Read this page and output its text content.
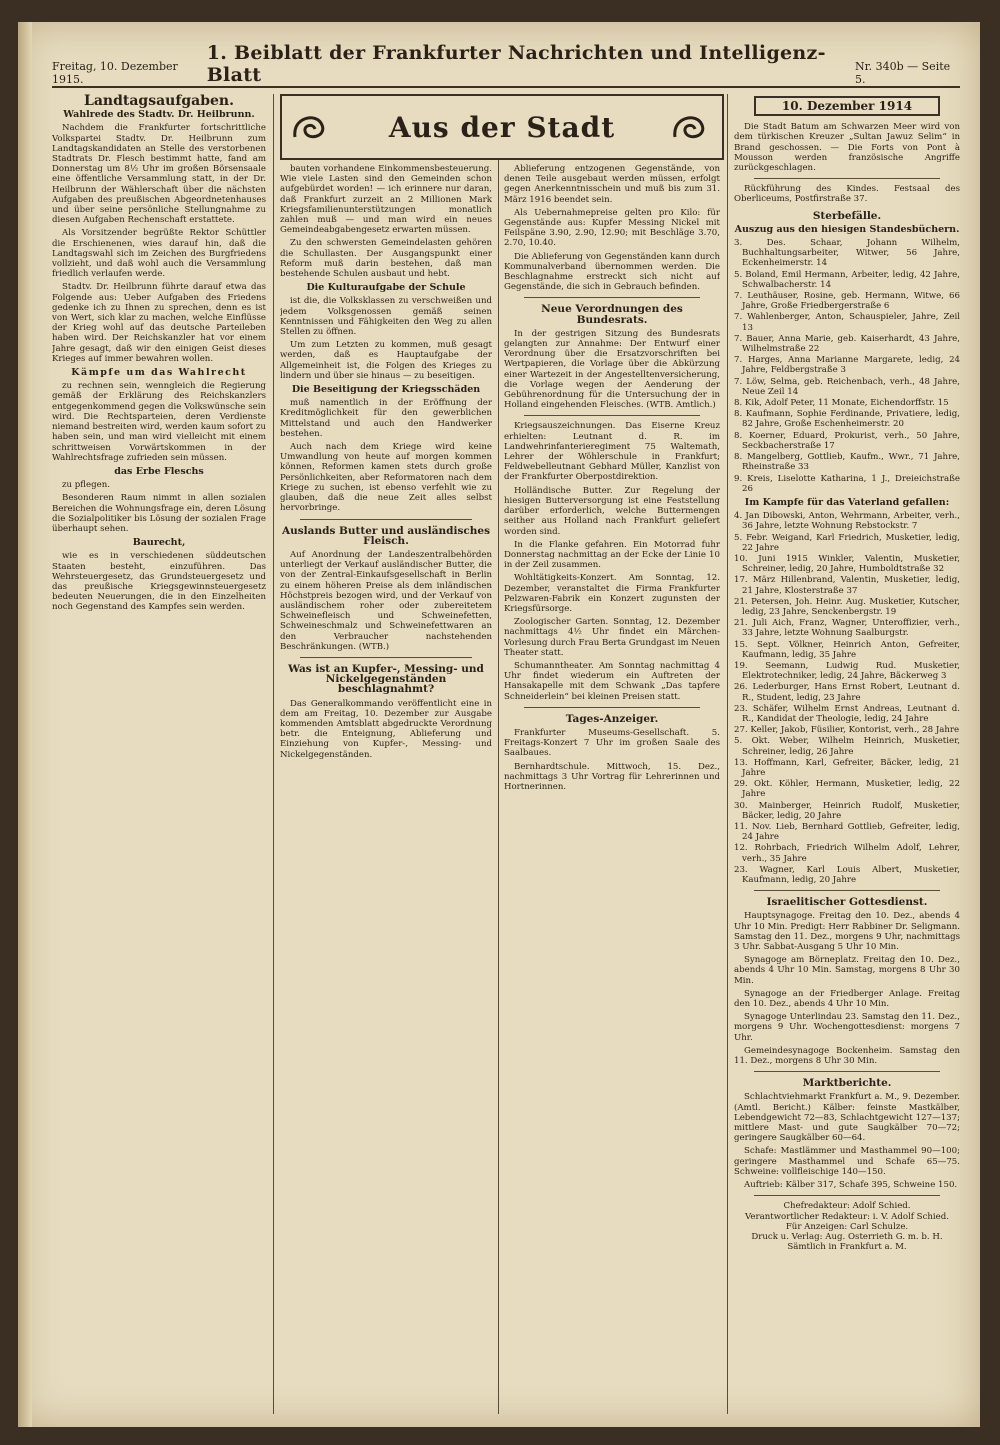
Freitag, 10. Dezember 1915.
1. Beiblatt der Frankfurter Nachrichten und Intelligenz-Blatt	Nr. 340b — Seite 5.
Landtagsaufgaben.
Wahlrede des Stadtv. Dr. Heilbrunn.

Nachdem die Frankfurter fortschrittliche Volkspartei Stadtv. Dr. Heilbrunn zum Landtagskandidaten an Stelle des verstorbenen Stadtrats Dr. Flesch bestimmt hatte, fand am Donnerstag um 8½ Uhr im großen Börsensaale eine öffentliche Versammlung statt, in der Dr. Heilbrunn der Wählerschaft über die nächsten Aufgaben des preußischen Abgeordnetenhauses und über seine persönliche Stellungnahme zu diesen Aufgaben Rechenschaft erstattete.

Als Vorsitzender begrüßte Rektor Schüttler die Erschienenen, wies darauf hin, daß die Landtagswahl sich im Zeichen des Burgfriedens vollzieht, und daß wohl auch die Versammlung friedlich verlaufen werde.

Stadtv. Dr. Heilbrunn führte darauf etwa das Folgende aus: Ueber Aufgaben des Friedens gedenke ich zu Ihnen zu sprechen, denn es ist von Wert, sich klar zu machen, welche Einflüsse der Krieg wohl auf das deutsche Parteileben haben wird. Der Reichskanzler hat vor einem Jahre gesagt, daß wir den einigen Geist dieses Krieges auf immer bewahren wollen.

Kämpfe um das Wahlrecht

zu rechnen sein, wenngleich die Regierung gemäß der Erklärung des Reichskanzlers entgegenkommend gegen die Volkswünsche sein wird. Die Rechtsparteien, deren Verdienste niemand bestreiten wird, werden kaum sofort zu haben sein, und man wird vielleicht mit einem schrittweisen Vorwärtskommen in der Wahlrechtsfrage zufrieden sein müssen.

das Erbe Fleschs

zu pflegen.

Besonderen Raum nimmt in allen sozialen Bereichen die Wohnungsfrage ein, deren Lösung die Sozialpolitiker bis Lösung der sozialen Frage überhaupt sehen.

Baurecht,

wie es in verschiedenen süddeutschen Staaten besteht, einzuführen. Das Wehrsteuergesetz, das Grundsteuergesetz und das preußische Kriegsgewinnsteuergesetz bedeuten Neuerungen, die in den Einzelheiten noch Gegenstand des Kampfes sein werden.

Aus der Stadt

bauten vorhandene Einkommensbesteuerung. Wie viele Lasten sind den Gemeinden schon aufgebürdet worden! — ich erinnere nur daran, daß Frankfurt zurzeit an 2 Millionen Mark Kriegsfamilienunterstützungen monatlich zahlen muß — und man wird ein neues Gemeindeabgabengesetz erwarten müssen.

Zu den schwersten Gemeindelasten gehören die Schullasten. Der Ausgangspunkt einer Reform muß darin bestehen, daß man bestehende Schulen ausbaut und hebt.

Die Kulturaufgabe der Schule

ist die, die Volksklassen zu verschweißen und jedem Volksgenossen gemäß seinen Kenntnissen und Fähigkeiten den Weg zu allen Stellen zu öffnen.

Um zum Letzten zu kommen, muß gesagt werden, daß es Hauptaufgabe der Allgemeinheit ist, die Folgen des Krieges zu lindern und über sie hinaus — zu beseitigen.

Die Beseitigung der Kriegsschäden

muß namentlich in der Eröffnung der Kreditmöglichkeit für den gewerblichen Mittelstand und auch den Handwerker bestehen.

Auch nach dem Kriege wird keine Umwandlung von heute auf morgen kommen können, Reformen kamen stets durch große Persönlichkeiten, aber Reformatoren nach dem Kriege zu suchen, ist ebenso verfehlt wie zu glauben, daß die neue Zeit alles selbst hervorbringe.

Auslands Butter und ausländisches Fleisch.

Auf Anordnung der Landeszentralbehörden unterliegt der Verkauf ausländischer Butter, die von der Zentral-Einkaufsgesellschaft in Berlin zu einem höheren Preise als dem inländischen Höchstpreis bezogen wird, und der Verkauf von ausländischem roher oder zubereitetem Schweinefleisch und Schweinefetten, Schweineschmalz und Schweinefettwaren an den Verbraucher nachstehenden Beschränkungen. (WTB.)

Was ist an Kupfer-, Messing- und Nickelgegenständen beschlagnahmt?

Das Generalkommando veröffentlicht eine in dem am Freitag, 10. Dezember zur Ausgabe kommenden Amtsblatt abgedruckte Verordnung betr. die Enteignung, Ablieferung und Einziehung von Kupfer-, Messing- und Nickelgegenständen.

Ablieferung entzogenen Gegenstände, von denen Teile ausgebaut werden müssen, erfolgt gegen Anerkenntnisschein und muß bis zum 31. März 1916 beendet sein.

Als Uebernahmepreise gelten pro Kilo: für Gegenstände aus: Kupfer Messing Nickel mit Feilspäne 3.90, 2.90, 12.90; mit Beschläge 3.70, 2.70, 10.40.

Die Ablieferung von Gegenständen kann durch Kommunalverband übernommen werden. Die Beschlagnahme erstreckt sich nicht auf Gegenstände, die sich in Gebrauch befinden.

Neue Verordnungen des Bundesrats.

In der gestrigen Sitzung des Bundesrats gelangten zur Annahme: Der Entwurf einer Verordnung über die Ersatzvorschriften bei Wertpapieren, die Vorlage über die Abkürzung einer Wartezeit in der Angestelltenversicherung, die Vorlage wegen der Aenderung der Gebührenordnung für die Untersuchung der in Holland eingehenden Fleisches. (WTB. Amtlich.)

Kriegsauszeichnungen. Das Eiserne Kreuz erhielten: Leutnant d. R. im Landwehrinfanterieregiment 75 Waltemath, Lehrer der Wöhlerschule in Frankfurt; Feldwebelleutnant Gebhard Müller, Kanzlist von der Frankfurter Oberpostdirektion.

Holländische Butter. Zur Regelung der hiesigen Butterversorgung ist eine Feststellung darüber erforderlich, welche Buttermengen seither aus Holland nach Frankfurt geliefert worden sind.

In die Flanke gefahren. Ein Motorrad fuhr Donnerstag nachmittag an der Ecke der Linie 10 in der Zeil zusammen.

Wohltätigkeits-Konzert. Am Sonntag, 12. Dezember, veranstaltet die Firma Frankfurter Pelzwaren-Fabrik ein Konzert zugunsten der Kriegsfürsorge.

Zoologischer Garten. Sonntag, 12. Dezember nachmittags 4½ Uhr findet ein Märchen-Vorlesung durch Frau Berta Grundgast im Neuen Theater statt.

Schumanntheater. Am Sonntag nachmittag 4 Uhr findet wiederum ein Auftreten der Hansakapelle mit dem Schwank „Das tapfere Schneiderlein“ bei kleinen Preisen statt.

Tages-Anzeiger.

Frankfurter Museums-Gesellschaft. 5. Freitags-Konzert 7 Uhr im großen Saale des Saalbaues.

Bernhardtschule. Mittwoch, 15. Dez., nachmittags 3 Uhr Vortrag für Lehrerinnen und Hortnerinnen.

10. Dezember 1914

Die Stadt Batum am Schwarzen Meer wird von dem türkischen Kreuzer „Sultan Jawuz Selim“ in Brand geschossen. — Die Forts von Pont à Mousson werden französische Angriffe zurückgeschlagen.

Rückführung des Kindes. Festsaal des Oberliceums, Postfirstraße 37.

Sterbefälle.
Auszug aus den hiesigen Standesbüchern.

3. Des. Schaar, Johann Wilhelm, Buchhaltungsarbeiter, Witwer, 56 Jahre, Eckenheimerstr. 14

5. Boland, Emil Hermann, Arbeiter, ledig, 42 Jahre, Schwalbacherstr. 14

7. Leuthäuser, Rosine, geb. Hermann, Witwe, 66 Jahre, Große Friedbergerstraße 6

7. Wahlenberger, Anton, Schauspieler, Jahre, Zeil 13

7. Bauer, Anna Marie, geb. Kaiserhardt, 43 Jahre, Wilhelmstraße 22

7. Harges, Anna Marianne Margarete, ledig, 24 Jahre, Feldbergstraße 3

7. Löw, Selma, geb. Reichenbach, verh., 48 Jahre, Neue Zeil 14

8. Kik, Adolf Peter, 11 Monate, Eichendorffstr. 15

8. Kaufmann, Sophie Ferdinande, Privatiere, ledig, 82 Jahre, Große Eschenheimerstr. 20

8. Koerner, Eduard, Prokurist, verh., 50 Jahre, Seckbacherstraße 17

8. Mangelberg, Gottlieb, Kaufm., Wwr., 71 Jahre, Rheinstraße 33

9. Kreis, Liselotte Katharina, 1 J., Dreieichstraße 26

Im Kampfe für das Vaterland gefallen:

4. Jan Dibowski, Anton, Wehrmann, Arbeiter, verh., 36 Jahre, letzte Wohnung Rebstockstr. 7

5. Febr. Weigand, Karl Friedrich, Musketier, ledig, 22 Jahre

10. Juni 1915 Winkler, Valentin, Musketier, Schreiner, ledig, 20 Jahre, Humboldtstraße 32

17. März Hillenbrand, Valentin, Musketier, ledig, 21 Jahre, Klosterstraße 37

21. Petersen, Joh. Heinr. Aug. Musketier, Kutscher, ledig, 23 Jahre, Senckenbergstr. 19

21. Juli Aich, Franz, Wagner, Unteroffizier, verh., 33 Jahre, letzte Wohnung Saalburgstr.

15. Sept. Völkner, Heinrich Anton, Gefreiter, Kaufmann, ledig, 35 Jahre

19. Seemann, Ludwig Rud. Musketier, Elektrotechniker, ledig, 24 Jahre, Bäckerweg 3

26. Lederburger, Hans Ernst Robert, Leutnant d. R., Student, ledig, 23 Jahre

23. Schäfer, Wilhelm Ernst Andreas, Leutnant d. R., Kandidat der Theologie, ledig, 24 Jahre

27. Keller, Jakob, Füsilier, Kontorist, verh., 28 Jahre

5. Okt. Weber, Wilhelm Heinrich, Musketier, Schreiner, ledig, 26 Jahre

13. Hoffmann, Karl, Gefreiter, Bäcker, ledig, 21 Jahre

29. Okt. Köhler, Hermann, Musketier, ledig, 22 Jahre

30. Mainberger, Heinrich Rudolf, Musketier, Bäcker, ledig, 20 Jahre

11. Nov. Lieb, Bernhard Gottlieb, Gefreiter, ledig, 24 Jahre

12. Rohrbach, Friedrich Wilhelm Adolf, Lehrer, verh., 35 Jahre

23. Wagner, Karl Louis Albert, Musketier, Kaufmann, ledig, 20 Jahre

Israelitischer Gottesdienst.

Hauptsynagoge. Freitag den 10. Dez., abends 4 Uhr 10 Min. Predigt: Herr Rabbiner Dr. Seligmann. Samstag den 11. Dez., morgens 9 Uhr, nachmittags 3 Uhr. Sabbat-Ausgang 5 Uhr 10 Min.

Synagoge am Börneplatz. Freitag den 10. Dez., abends 4 Uhr 10 Min. Samstag, morgens 8 Uhr 30 Min.

Synagoge an der Friedberger Anlage. Freitag den 10. Dez., abends 4 Uhr 10 Min.

Synagoge Unterlindau 23. Samstag den 11. Dez., morgens 9 Uhr. Wochengottesdienst: morgens 7 Uhr.

Gemeindesynagoge Bockenheim. Samstag den 11. Dez., morgens 8 Uhr 30 Min.

Marktberichte.

Schlachtviehmarkt Frankfurt a. M., 9. Dezember. (Amtl. Bericht.) Kälber: feinste Mastkälber, Lebendgewicht 72—83, Schlachtgewicht 127—137; mittlere Mast- und gute Saugkälber 70—72; geringere Saugkälber 60—64.

Schafe: Mastlämmer und Masthammel 90—100; geringere Masthammel und Schafe 65—75. Schweine: vollfleischige 140—150.

Auftrieb: Kälber 317, Schafe 395, Schweine 150.

Chefredakteur: Adolf Schied.
Verantwortlicher Redakteur: i. V. Adolf Schied.
Für Anzeigen: Carl Schulze.
Druck u. Verlag: Aug. Osterrieth G. m. b. H.
Sämtlich in Frankfurt a. M.
